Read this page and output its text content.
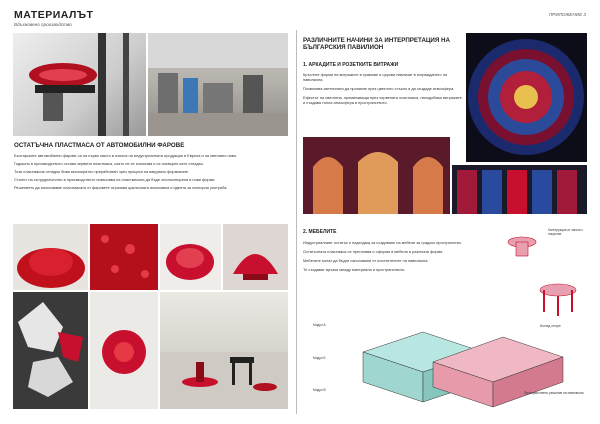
МАТЕРИАЛЪТ
Вдъхновено производство
ПРИЛОЖЕНИЕ 3
ОСТАТЪЧНА ПЛАСТМАСА ОТ АВТОМОБИЛНИ ФАРОВЕ
Българските автомобилни фарове са на първо място в износа на индустриалната продукция в Европа и на световно ниво.
Годишно в производството остава червена пластмаса, която не се използва и се изхвърля като отпадък.
Този пластмасов отпадък бива многократно преработван чрез процеса на вакуумно формоване.
Стилът на сътрудничество в производството позволява на пластмасата да бъде оползотворена в нови форми.
Решението да използваме пластмасата от фаровете отразява цикличната икономика и идеята за повторна употреба.
РАЗЛИЧНИТЕ НАЧИНИ ЗА ИНТЕРПРЕТАЦИЯ НА БЪЛГАРСКИЯ ПАВИЛИОН
1. АРКАДИТЕ И РОЗЕТКИТЕ ВИТРАЖИ
Кръглите форми на витражите в храмове и църкви навлизат в изграждането на павилиона.
Позволява светлината да проникне през цветното стъкло и да създаде атмосфера.
Ефектът на светлина, преминаваща през червената пластмаса, наподобява витражите и създава топла атмосфера в пространството.
2. МЕБЕЛИТЕ
Индустриалният остатък е подходящ за създаване на мебели за градско пространство.
Остатъчната пластмаса се претопява и оформя в мебели в различни форми.
Мебелите могат да бъдат използвани от посетителите на павилиона.
Те създават връзка между материала и пространството.
Конструкция от смола с покритие
Модул А
Модул Б
Модул В
Изглед отгоре
Пространствено решение на павилиона
